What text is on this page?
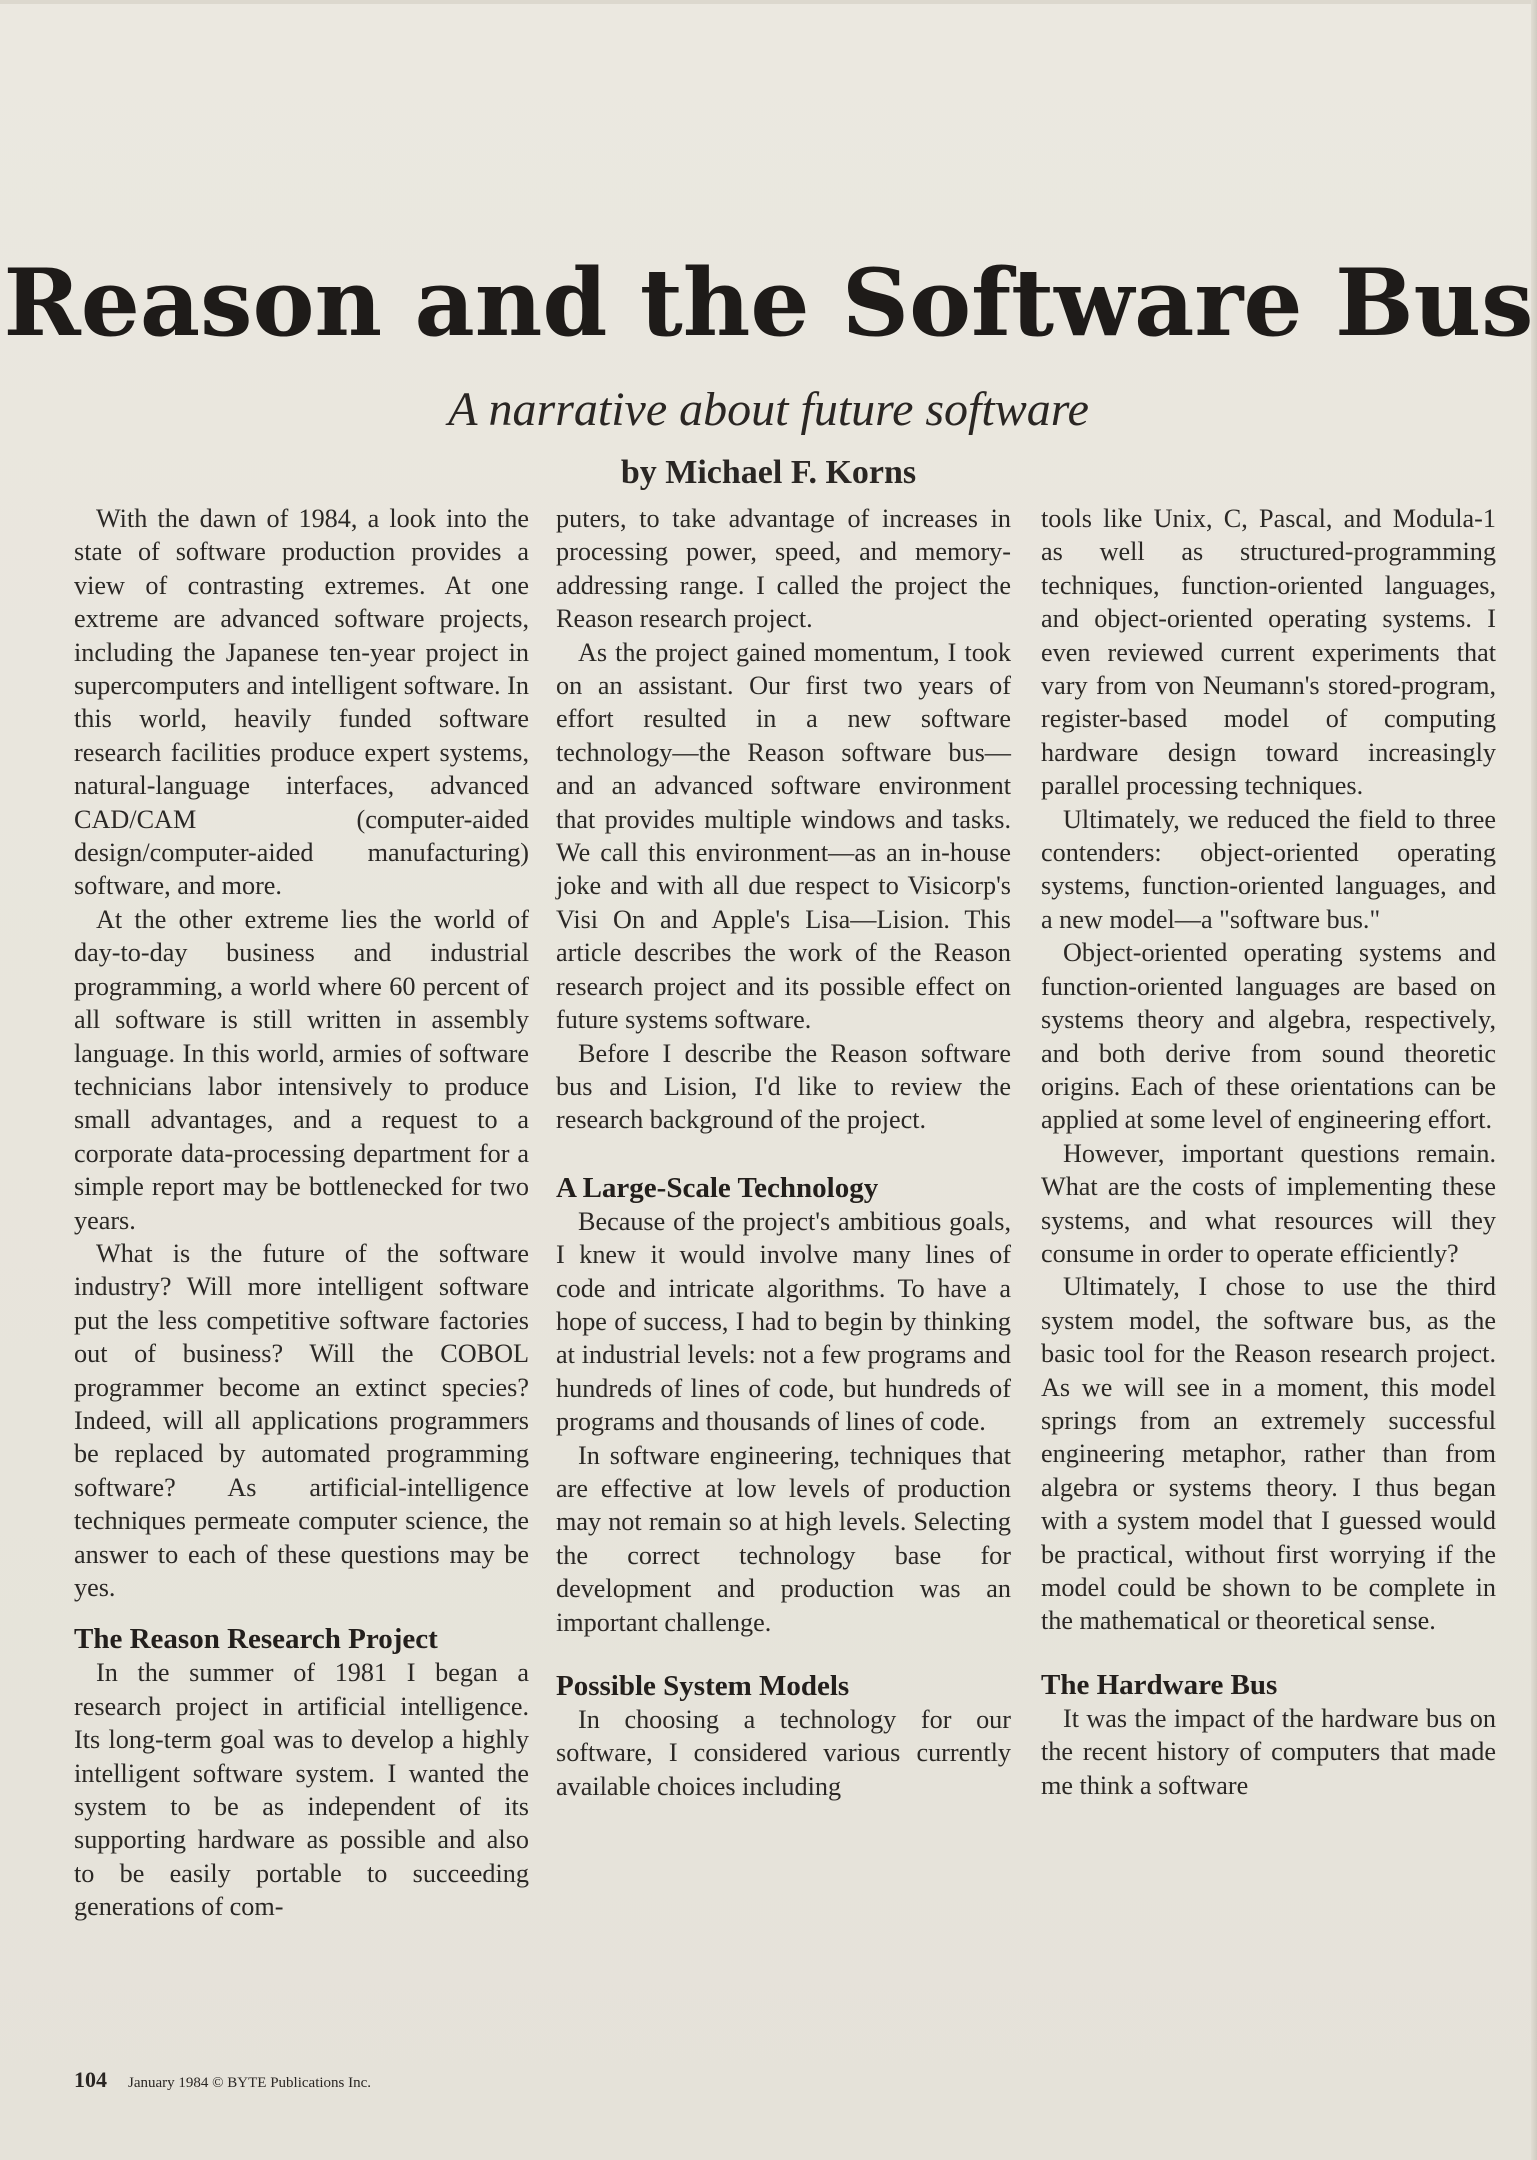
Reason and the Software Bus
A narrative about future software
by Michael F. Korns

With the dawn of 1984, a look into the state of software production provides a view of contrasting extremes. At one extreme are advanced software projects, including the Japanese ten-year project in supercomputers and intelligent software. In this world, heavily funded software research facilities produce expert systems, natural-language interfaces, advanced CAD/CAM (computer-aided design/computer-aided manufacturing) software, and more.

At the other extreme lies the world of day-to-day business and industrial programming, a world where 60 percent of all software is still written in assembly language. In this world, armies of software technicians labor intensively to produce small advantages, and a request to a corporate data-processing department for a simple report may be bottlenecked for two years.

What is the future of the software industry? Will more intelligent software put the less competitive software factories out of business? Will the COBOL programmer become an extinct species? Indeed, will all applications programmers be replaced by automated programming software? As artificial-intelligence techniques permeate computer science, the answer to each of these questions may be yes.

The Reason Research Project

In the summer of 1981 I began a research project in artificial intelligence. Its long-term goal was to develop a highly intelligent software system. I wanted the system to be as independent of its supporting hardware as possible and also to be easily portable to succeeding generations of com-

puters, to take advantage of increases in processing power, speed, and memory-addressing range. I called the project the Reason research project.

As the project gained momentum, I took on an assistant. Our first two years of effort resulted in a new software technology—the Reason software bus—and an advanced software environment that provides multiple windows and tasks. We call this environment—as an in-house joke and with all due respect to Visicorp's Visi On and Apple's Lisa—Lision. This article describes the work of the Reason research project and its possible effect on future systems software.

Before I describe the Reason software bus and Lision, I'd like to review the research background of the project.

A Large-Scale Technology

Because of the project's ambitious goals, I knew it would involve many lines of code and intricate algorithms. To have a hope of success, I had to begin by thinking at industrial levels: not a few programs and hundreds of lines of code, but hundreds of programs and thousands of lines of code.

In software engineering, techniques that are effective at low levels of production may not remain so at high levels. Selecting the correct technology base for development and production was an important challenge.

Possible System Models

In choosing a technology for our software, I considered various currently available choices including

tools like Unix, C, Pascal, and Modula-1 as well as structured-programming techniques, function-oriented languages, and object-oriented operating systems. I even reviewed current experiments that vary from von Neumann's stored-program, register-based model of computing hardware design toward increasingly parallel processing techniques.

Ultimately, we reduced the field to three contenders: object-oriented operating systems, function-oriented languages, and a new model—a "software bus."

Object-oriented operating systems and function-oriented languages are based on systems theory and algebra, respectively, and both derive from sound theoretic origins. Each of these orientations can be applied at some level of engineering effort.

However, important questions remain. What are the costs of implementing these systems, and what resources will they consume in order to operate efficiently?

Ultimately, I chose to use the third system model, the software bus, as the basic tool for the Reason research project. As we will see in a moment, this model springs from an extremely successful engineering metaphor, rather than from algebra or systems theory. I thus began with a system model that I guessed would be practical, without first worrying if the model could be shown to be complete in the mathematical or theoretical sense.

The Hardware Bus

It was the impact of the hardware bus on the recent history of computers that made me think a software

104 January 1984 © BYTE Publications Inc.
